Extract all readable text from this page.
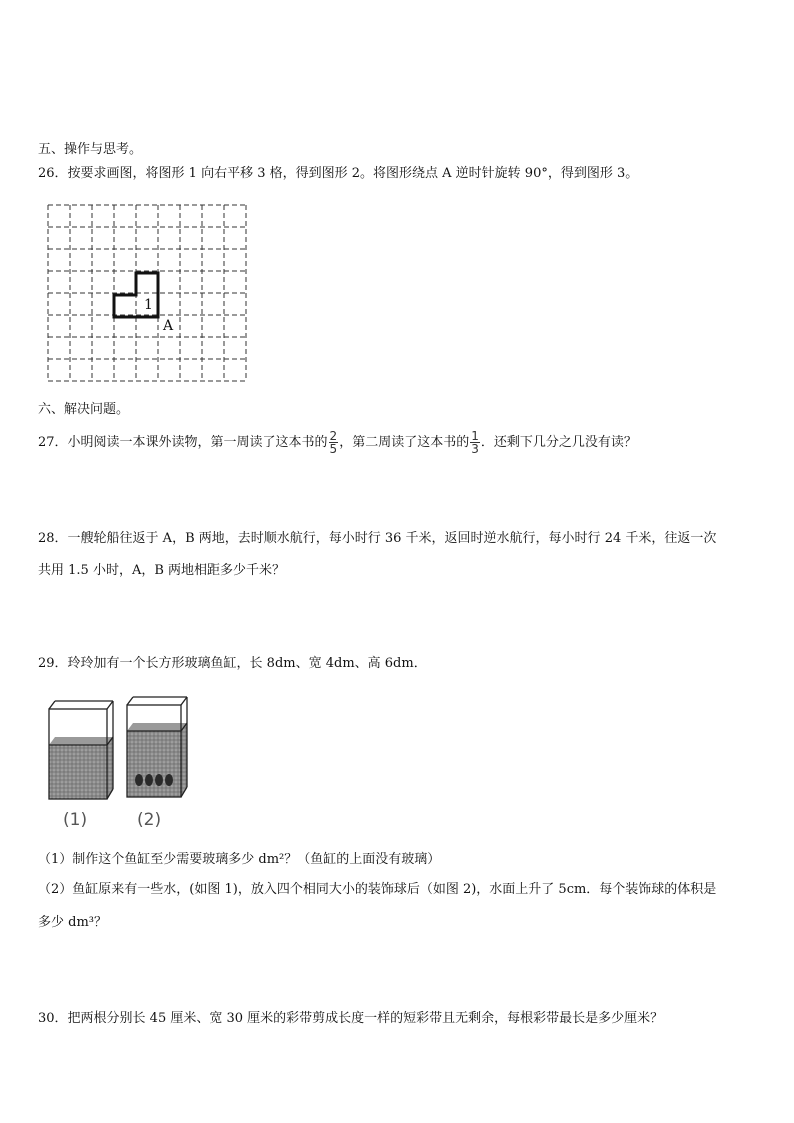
五、操作与思考。
26．按要求画图，将图形 1 向右平移 3 格，得到图形 2。将图形绕点 A 逆时针旋转 90°，得到图形 3。
1
A
六、解决问题。
27．小明阅读一本课外读物，第一周读了这本书的 $\frac{2}{5}$ ，第二周读了这本书的 $\frac{1}{3}$ ．还剩下几分之几没有读？
28．一艘轮船往返于 A，B 两地，去时顺水航行，每小时行 36 千米，返回时逆水航行，每小时行 24 千米，往返一次
共用 1.5 小时，A，B 两地相距多少千米？
29．玲玲加有一个长方形玻璃鱼缸，长 8dm、宽 4dm、高 6dm．
(1)	(2)
（1）制作这个鱼缸至少需要玻璃多少 dm²？（鱼缸的上面没有玻璃）
（2）鱼缸原来有一些水，(如图 1)，放入四个相同大小的装饰球后（如图 2)，水面上升了 5cm．每个装饰球的体积是
多少 dm³？
30．把两根分别长 45 厘米、宽 30 厘米的彩带剪成长度一样的短彩带且无剩余，每根彩带最长是多少厘米？
